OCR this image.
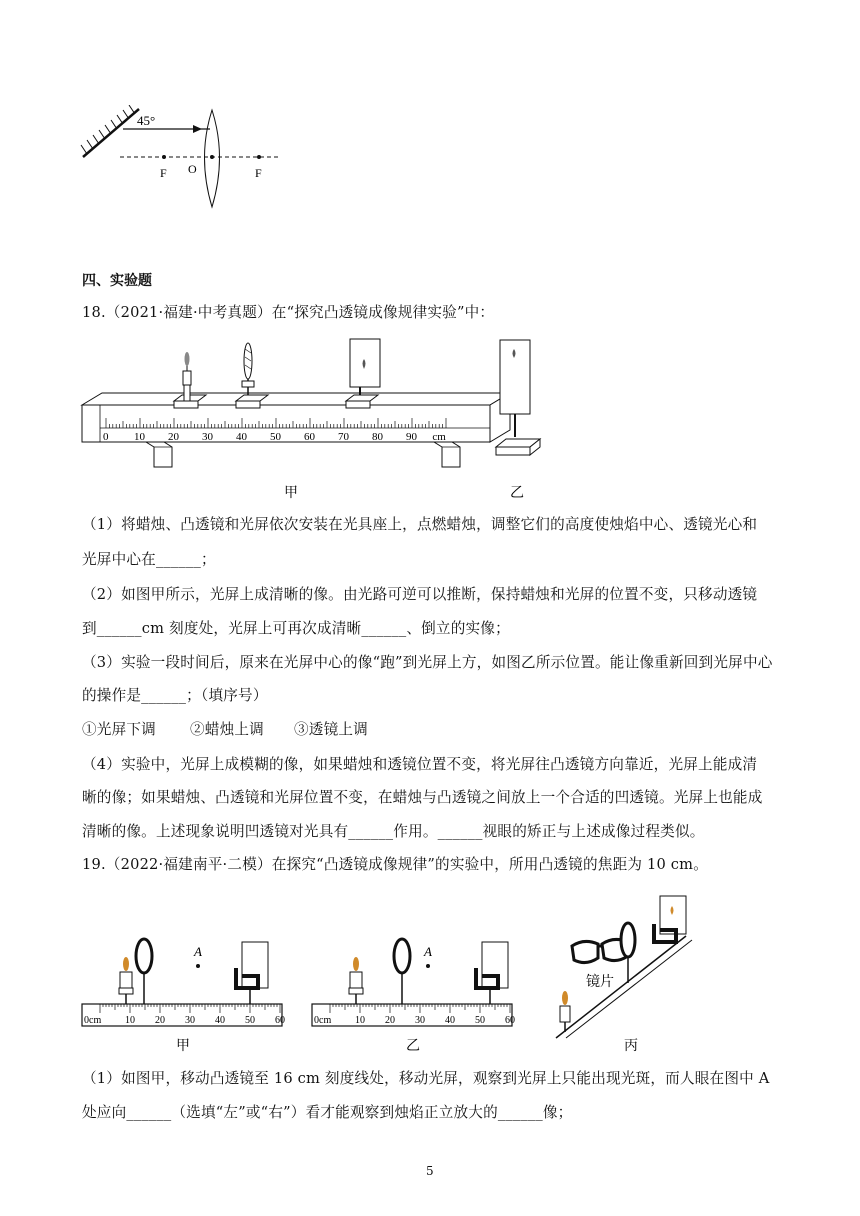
45°
F O	F
四、实验题
18.（2021·福建·中考真题）在“探究凸透镜成像规律实验”中：
0 10 20 30 40 50 60 70 80 90 cm
甲	乙
（1）将蜡烛、凸透镜和光屏依次安装在光具座上，点燃蜡烛，调整它们的高度使烛焰中心、透镜光心和
光屏中心在______；
（2）如图甲所示，光屏上成清晰的像。由光路可逆可以推断，保持蜡烛和光屏的位置不变，只移动透镜
到______cm 刻度处，光屏上可再次成清晰______、倒立的实像；
（3）实验一段时间后，原来在光屏中心的像“跑”到光屏上方，如图乙所示位置。能让像重新回到光屏中心
的操作是______；（填序号）
①光屏下调 ②蜡烛上调 ③透镜上调
（4）实验中，光屏上成模糊的像，如果蜡烛和透镜位置不变，将光屏往凸透镜方向靠近，光屏上能成清
晰的像；如果蜡烛、凸透镜和光屏位置不变，在蜡烛与凸透镜之间放上一个合适的凹透镜。光屏上也能成
清晰的像。上述现象说明凹透镜对光具有______作用。______视眼的矫正与上述成像过程类似。
19.（2022·福建南平·二模）在探究“凸透镜成像规律”的实验中，所用凸透镜的焦距为 10 cm。
0cm 10 20 30 40 50 60
A
甲
0cm 10 20 30 40 50 60
A
乙
镜片
丙
（1）如图甲，移动凸透镜至 16 cm 刻度线处，移动光屏，观察到光屏上只能出现光斑，而人眼在图中 A
处应向______（选填“左”或“右”）看才能观察到烛焰正立放大的______像；
5
